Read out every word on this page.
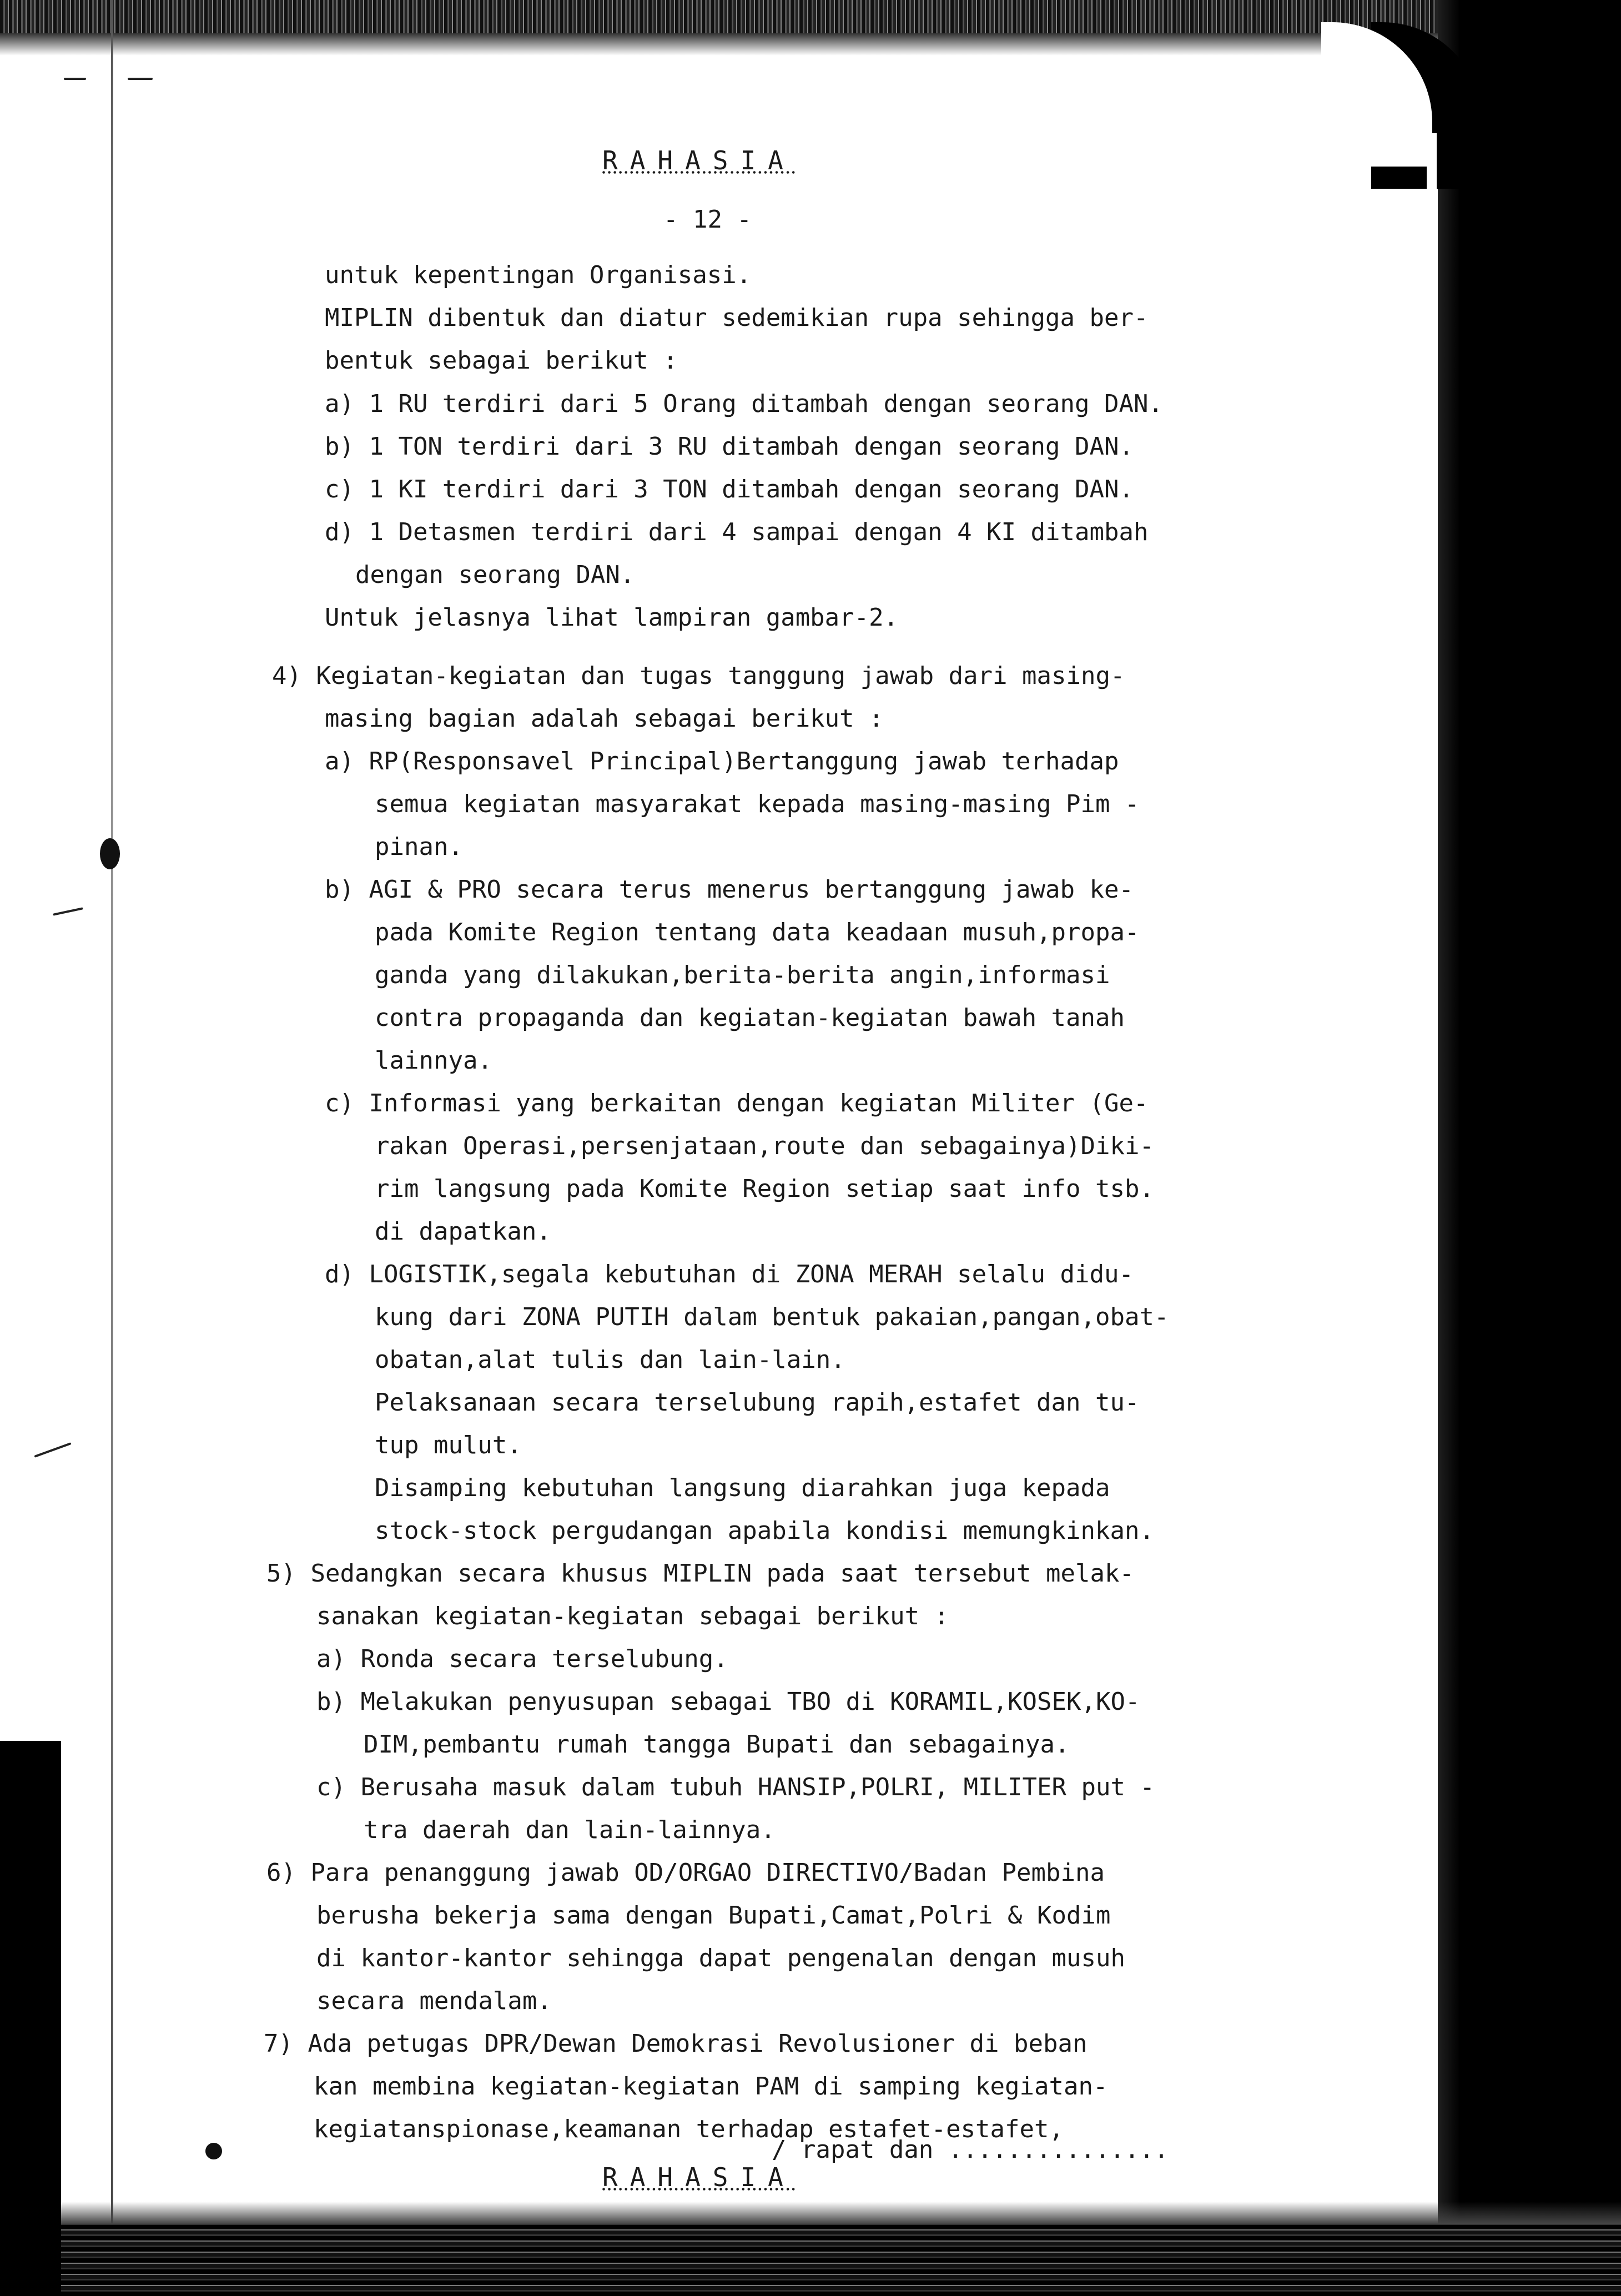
RAHASIA
- 12 -
untuk kepentingan Organisasi.
MIPLIN dibentuk dan diatur sedemikian rupa sehingga ber-
bentuk sebagai berikut :
a) 1 RU terdiri dari 5 Orang ditambah dengan seorang DAN.
b) 1 TON terdiri dari 3 RU ditambah dengan seorang DAN.
c) 1 KI terdiri dari 3 TON ditambah dengan seorang DAN.
d) 1 Detasmen terdiri dari 4 sampai dengan 4 KI ditambah
dengan seorang DAN.
Untuk jelasnya lihat lampiran gambar-2.
4) Kegiatan-kegiatan dan tugas tanggung jawab dari masing-
masing bagian adalah sebagai berikut :
a) RP(Responsavel Principal)Bertanggung jawab terhadap
semua kegiatan masyarakat kepada masing-masing Pim -
pinan.
b) AGI & PRO secara terus menerus bertanggung jawab ke-
pada Komite Region tentang data keadaan musuh,propa-
ganda yang dilakukan,berita-berita angin,informasi
contra propaganda dan kegiatan-kegiatan bawah tanah
lainnya.
c) Informasi yang berkaitan dengan kegiatan Militer (Ge-
rakan Operasi,persenjataan,route dan sebagainya)Diki-
rim langsung pada Komite Region setiap saat info tsb.
di dapatkan.
d) LOGISTIK,segala kebutuhan di ZONA MERAH selalu didu-
kung dari ZONA PUTIH dalam bentuk pakaian,pangan,obat-
obatan,alat tulis dan lain-lain.
Pelaksanaan secara terselubung rapih,estafet dan tu-
tup mulut.
Disamping kebutuhan langsung diarahkan juga kepada
stock-stock pergudangan apabila kondisi memungkinkan.
5) Sedangkan secara khusus MIPLIN pada saat tersebut melak-
sanakan kegiatan-kegiatan sebagai berikut :
a) Ronda secara terselubung.
b) Melakukan penyusupan sebagai TBO di KORAMIL,KOSEK,KO-
DIM,pembantu rumah tangga Bupati dan sebagainya.
c) Berusaha masuk dalam tubuh HANSIP,POLRI, MILITER put -
tra daerah dan lain-lainnya.
6) Para penanggung jawab OD/ORGAO DIRECTIVO/Badan Pembina
berusha bekerja sama dengan Bupati,Camat,Polri & Kodim
di kantor-kantor sehingga dapat pengenalan dengan musuh
secara mendalam.
7) Ada petugas DPR/Dewan Demokrasi Revolusioner di beban
kan membina kegiatan-kegiatan PAM di samping kegiatan-
kegiatanspionase,keamanan terhadap estafet-estafet,
/ rapat dan ...............
RAHASIA
